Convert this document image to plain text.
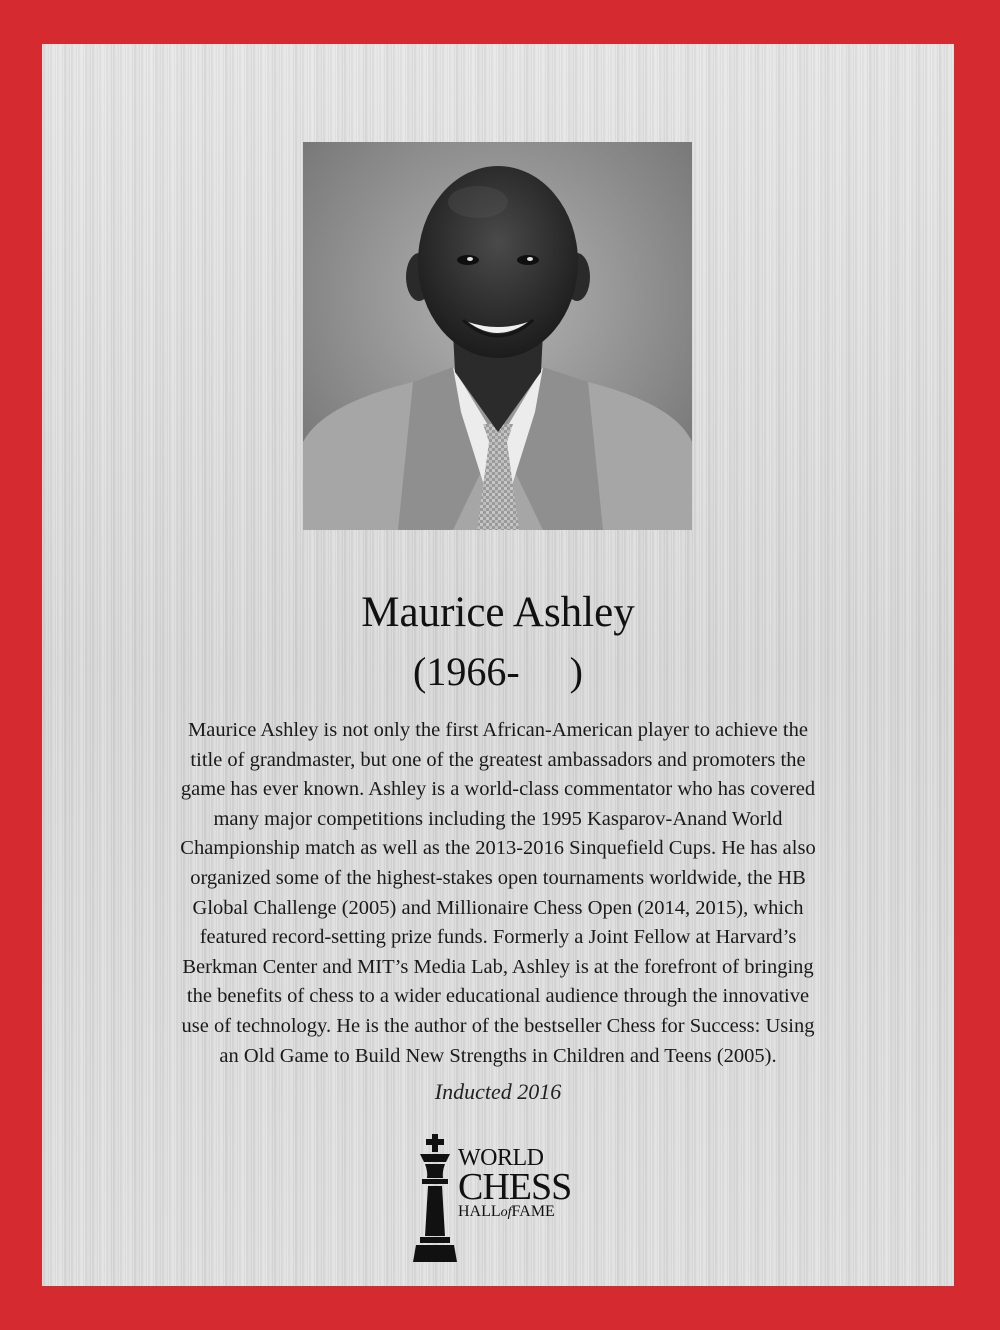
Maurice Ashley
(1966-     )
Maurice Ashley is not only the first African-American player to achieve the
title of grandmaster, but one of the greatest ambassadors and promoters the
game has ever known. Ashley is a world-class commentator who has covered
many major competitions including the 1995 Kasparov-Anand World
Championship match as well as the 2013-2016 Sinquefield Cups. He has also
organized some of the highest-stakes open tournaments worldwide, the HB
Global Challenge (2005) and Millionaire Chess Open (2014, 2015), which
featured record-setting prize funds. Formerly a Joint Fellow at Harvard’s
Berkman Center and MIT’s Media Lab, Ashley is at the forefront of bringing
the benefits of chess to a wider educational audience through the innovative
use of technology. He is the author of the bestseller Chess for Success: Using
an Old Game to Build New Strengths in Children and Teens (2005).
Inducted 2016
WORLD
CHESS
HALLofFAME
